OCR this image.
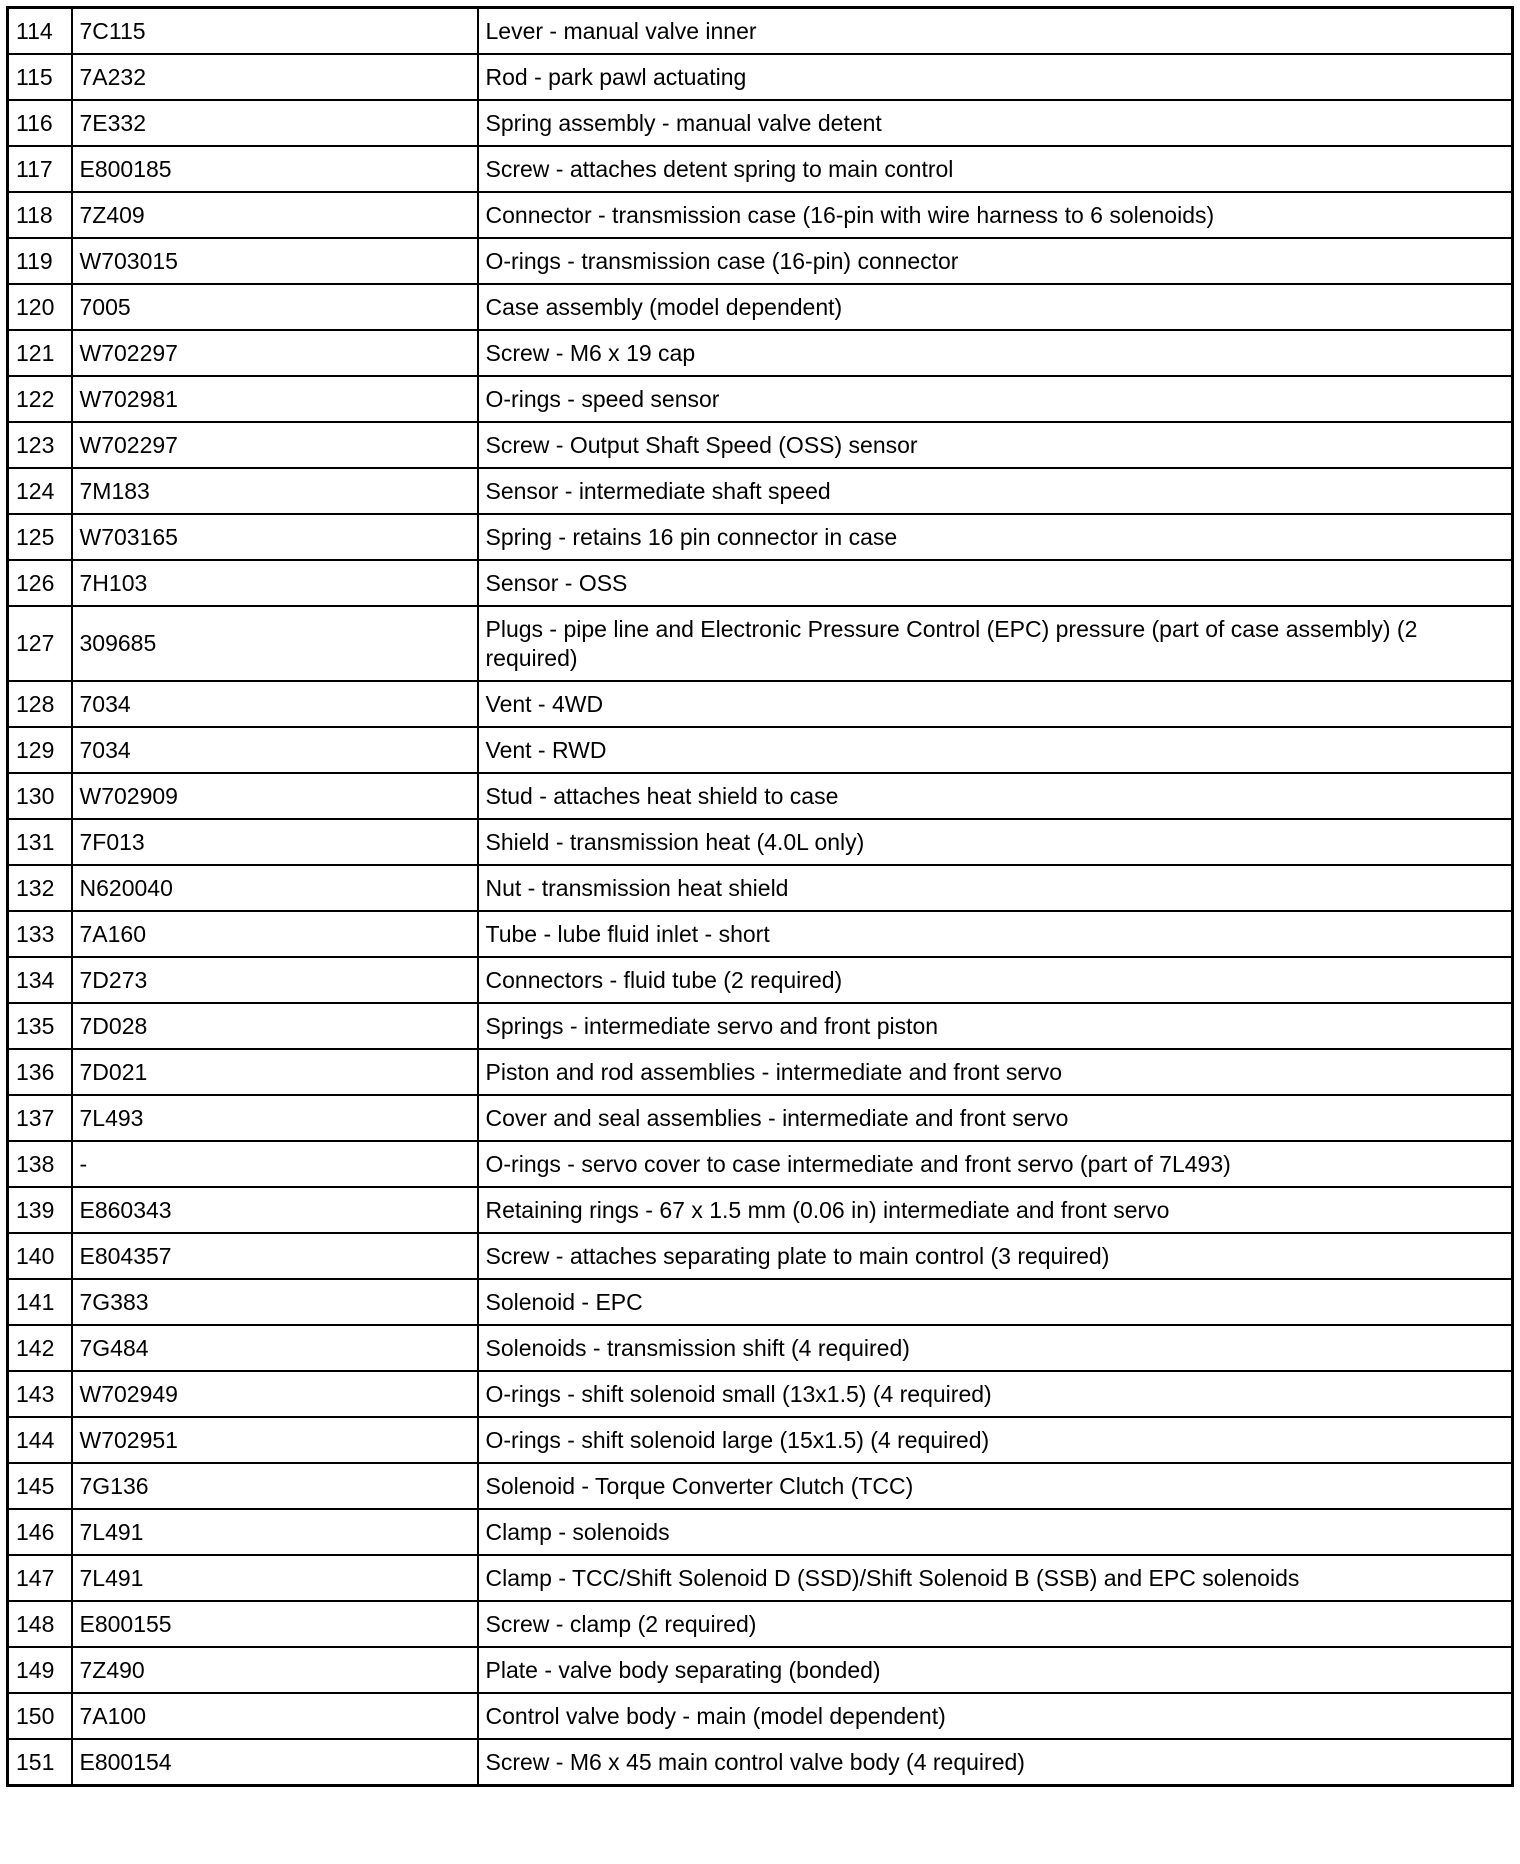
114	7C115	Lever - manual valve inner
115	7A232	Rod - park pawl actuating
116	7E332	Spring assembly - manual valve detent
117	E800185	Screw - attaches detent spring to main control
118	7Z409	Connector - transmission case (16-pin with wire harness to 6 solenoids)
119	W703015	O-rings - transmission case (16-pin) connector
120	7005	Case assembly (model dependent)
121	W702297	Screw - M6 x 19 cap
122	W702981	O-rings - speed sensor
123	W702297	Screw - Output Shaft Speed (OSS) sensor
124	7M183	Sensor - intermediate shaft speed
125	W703165	Spring - retains 16 pin connector in case
126	7H103	Sensor - OSS
127	309685	Plugs - pipe line and Electronic Pressure Control (EPC) pressure (part of case assembly) (2 required)
128	7034	Vent - 4WD
129	7034	Vent - RWD
130	W702909	Stud - attaches heat shield to case
131	7F013	Shield - transmission heat (4.0L only)
132	N620040	Nut - transmission heat shield
133	7A160	Tube - lube fluid inlet - short
134	7D273	Connectors - fluid tube (2 required)
135	7D028	Springs - intermediate servo and front piston
136	7D021	Piston and rod assemblies - intermediate and front servo
137	7L493	Cover and seal assemblies - intermediate and front servo
138	-	O-rings - servo cover to case intermediate and front servo (part of 7L493)
139	E860343	Retaining rings - 67 x 1.5 mm (0.06 in) intermediate and front servo
140	E804357	Screw - attaches separating plate to main control (3 required)
141	7G383	Solenoid - EPC
142	7G484	Solenoids - transmission shift (4 required)
143	W702949	O-rings - shift solenoid small (13x1.5) (4 required)
144	W702951	O-rings - shift solenoid large (15x1.5) (4 required)
145	7G136	Solenoid - Torque Converter Clutch (TCC)
146	7L491	Clamp - solenoids
147	7L491	Clamp - TCC/Shift Solenoid D (SSD)/Shift Solenoid B (SSB) and EPC solenoids
148	E800155	Screw - clamp (2 required)
149	7Z490	Plate - valve body separating (bonded)
150	7A100	Control valve body - main (model dependent)
151	E800154	Screw - M6 x 45 main control valve body (4 required)
